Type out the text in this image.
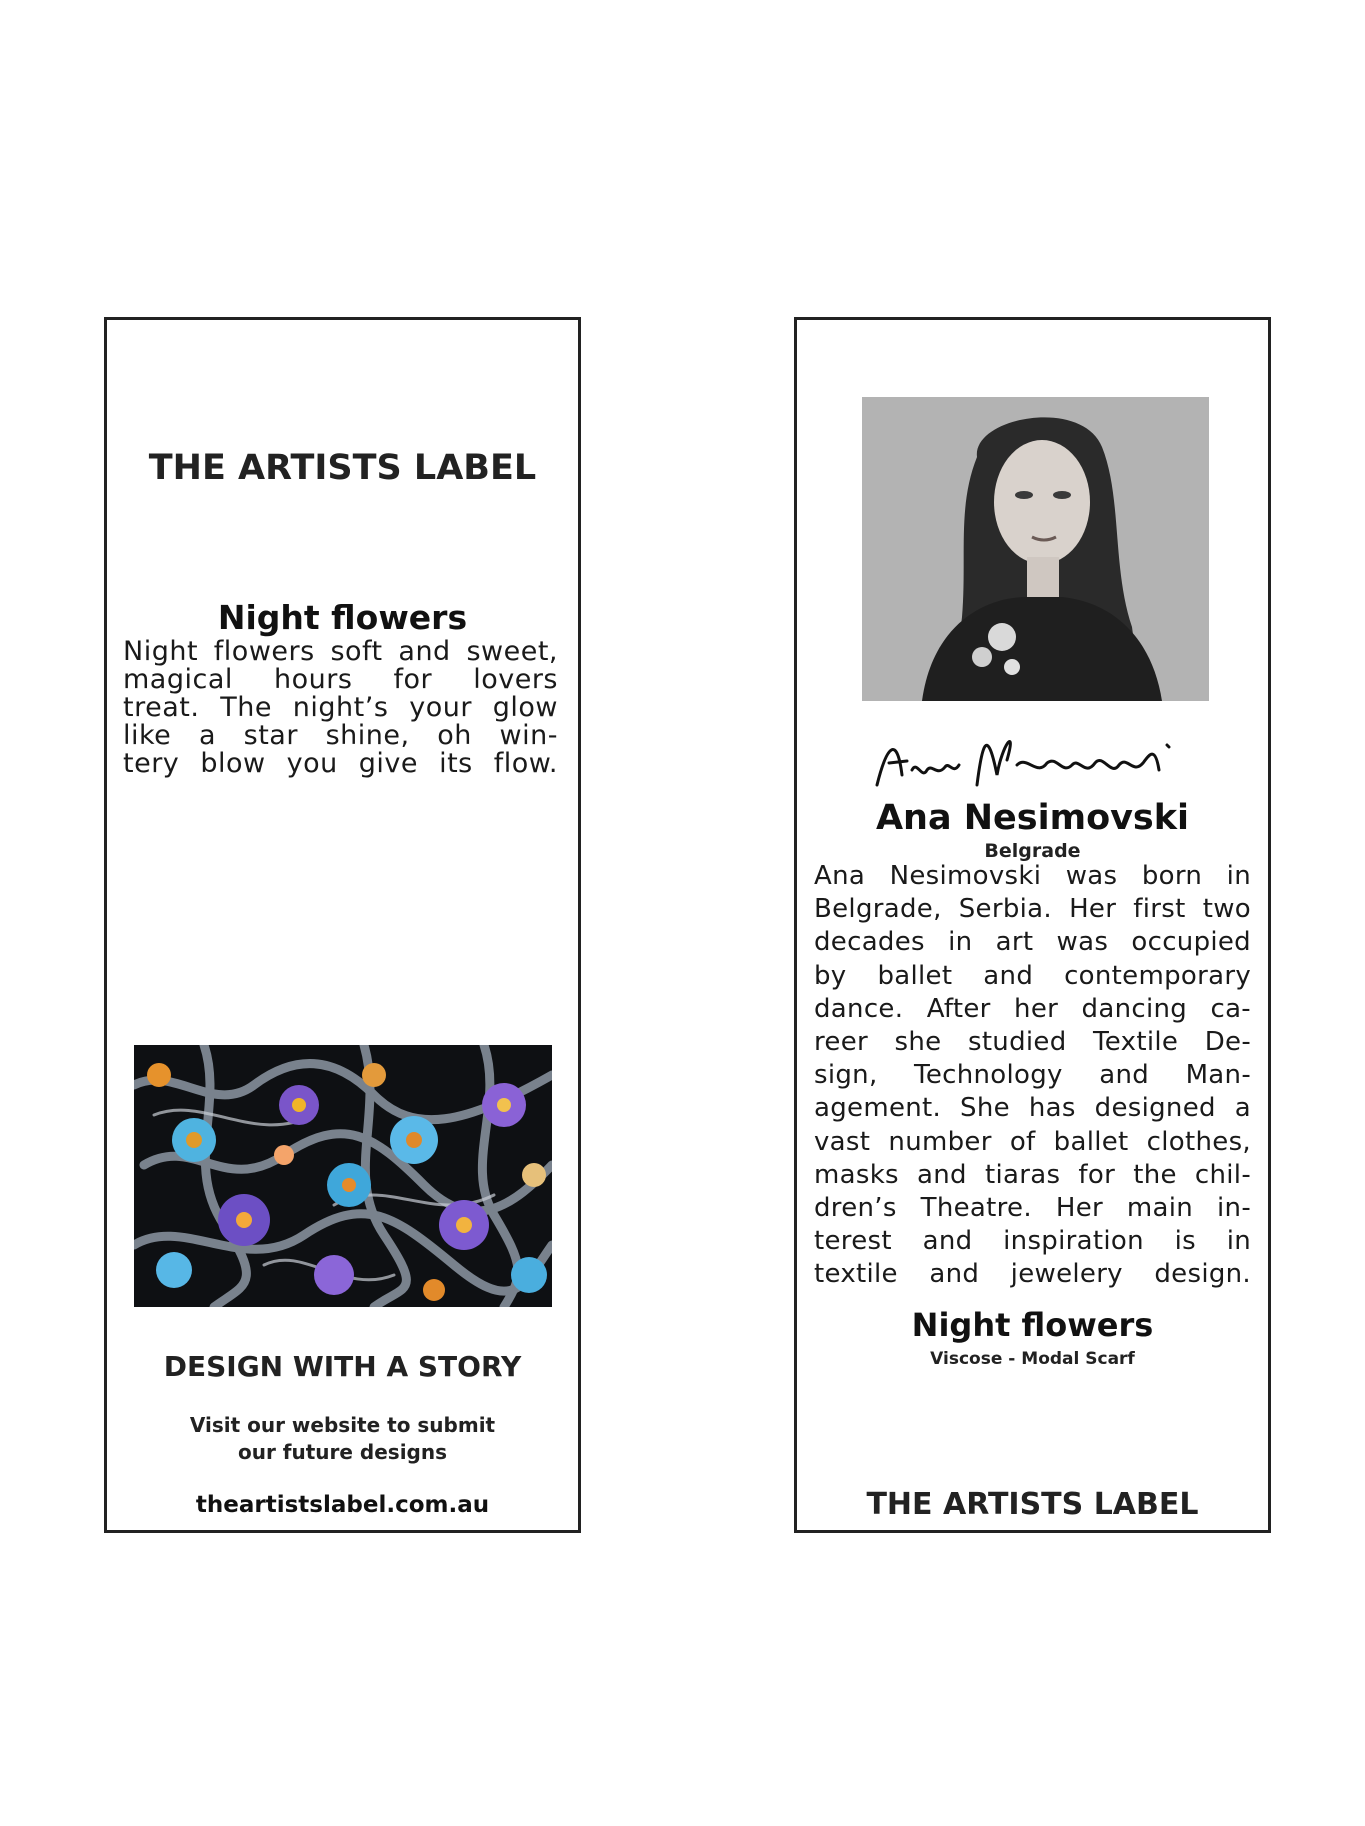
THE ARTISTS LABEL
Night flowers
Night flowers soft and sweet,
magical hours for lovers
treat. The night’s your glow
like a star shine, oh win-
tery blow you give its flow.
DESIGN WITH A STORY
Visit our website to submit
our future designs
theartistslabel.com.au
Ana Nesimovski
Belgrade
Ana Nesimovski was born in
Belgrade, Serbia. Her first two
decades in art was occupied
by ballet and contemporary
dance. After her dancing ca-
reer she studied Textile De-
sign, Technology and Man-
agement. She has designed a
vast number of ballet clothes,
masks and tiaras for the chil-
dren’s Theatre. Her main in-
terest and inspiration is in
textile and jewelery design.
Night flowers
Viscose - Modal Scarf
THE ARTISTS LABEL
